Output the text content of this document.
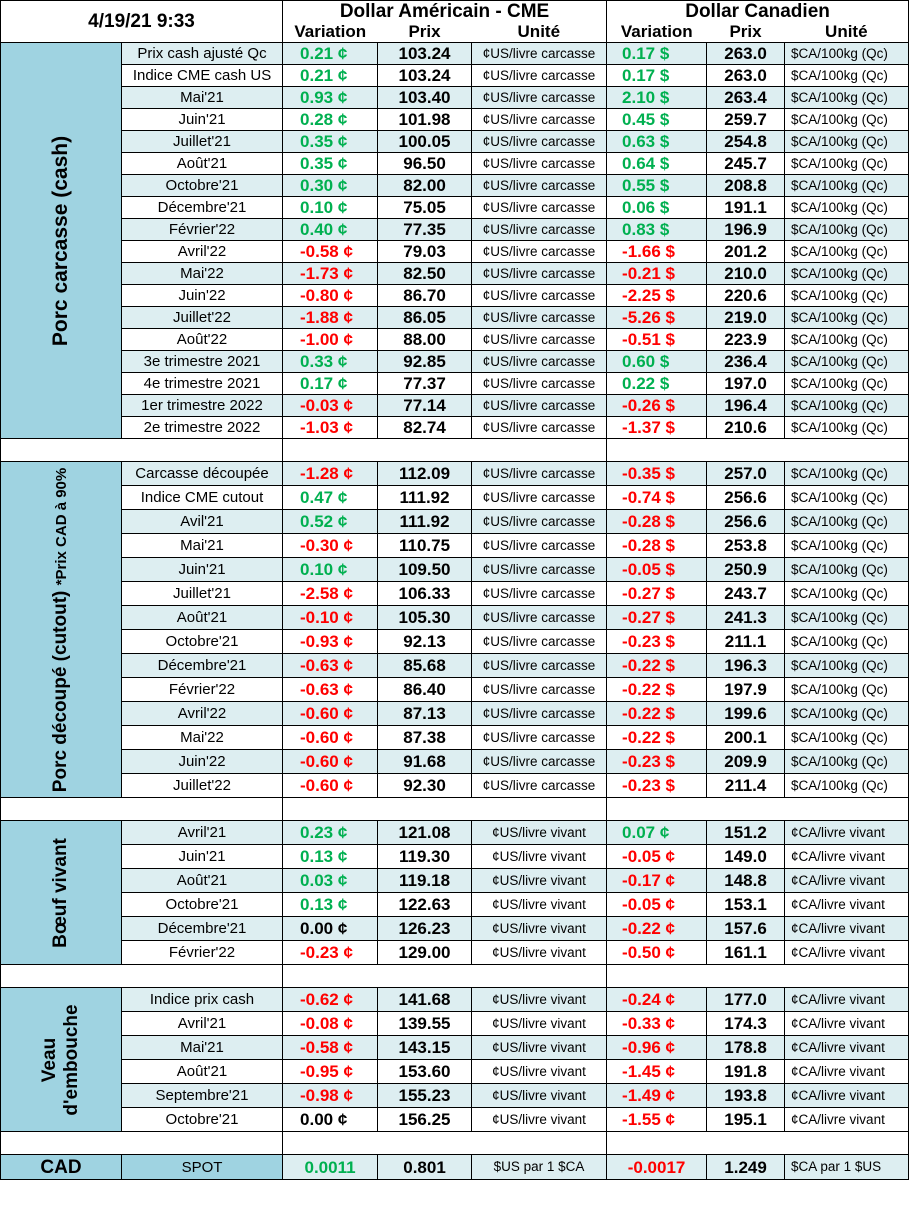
4/19/21 9:33		Dollar Américain - CME			Dollar Canadien		
		Variation	Prix	Unité	Variation	Prix	Unité

Porc carcasse (cash)	Prix cash ajusté Qc	0.21 ¢	103.24	¢US/livre carcasse	0.17 $	263.0	$CA/100kg (Qc)
	Indice CME cash US	0.21 ¢	103.24	¢US/livre carcasse	0.17 $	263.0	$CA/100kg (Qc)
	Mai'21	0.93 ¢	103.40	¢US/livre carcasse	2.10 $	263.4	$CA/100kg (Qc)
	Juin'21	0.28 ¢	101.98	¢US/livre carcasse	0.45 $	259.7	$CA/100kg (Qc)
	Juillet'21	0.35 ¢	100.05	¢US/livre carcasse	0.63 $	254.8	$CA/100kg (Qc)
	Août'21	0.35 ¢	96.50	¢US/livre carcasse	0.64 $	245.7	$CA/100kg (Qc)
	Octobre'21	0.30 ¢	82.00	¢US/livre carcasse	0.55 $	208.8	$CA/100kg (Qc)
	Décembre'21	0.10 ¢	75.05	¢US/livre carcasse	0.06 $	191.1	$CA/100kg (Qc)
	Février'22	0.40 ¢	77.35	¢US/livre carcasse	0.83 $	196.9	$CA/100kg (Qc)
	Avril'22	-0.58 ¢	79.03	¢US/livre carcasse	-1.66 $	201.2	$CA/100kg (Qc)
	Mai'22	-1.73 ¢	82.50	¢US/livre carcasse	-0.21 $	210.0	$CA/100kg (Qc)
	Juin'22	-0.80 ¢	86.70	¢US/livre carcasse	-2.25 $	220.6	$CA/100kg (Qc)
	Juillet'22	-1.88 ¢	86.05	¢US/livre carcasse	-5.26 $	219.0	$CA/100kg (Qc)
	Août'22	-1.00 ¢	88.00	¢US/livre carcasse	-0.51 $	223.9	$CA/100kg (Qc)
	3e trimestre 2021	0.33 ¢	92.85	¢US/livre carcasse	0.60 $	236.4	$CA/100kg (Qc)
	4e trimestre 2021	0.17 ¢	77.37	¢US/livre carcasse	0.22 $	197.0	$CA/100kg (Qc)
	1er trimestre 2022	-0.03 ¢	77.14	¢US/livre carcasse	-0.26 $	196.4	$CA/100kg (Qc)
	2e trimestre 2022	-1.03 ¢	82.74	¢US/livre carcasse	-1.37 $	210.6	$CA/100kg (Qc)

Porc découpé (cutout) *Prix CAD à 90%	Carcasse découpée	-1.28 ¢	112.09	¢US/livre carcasse	-0.35 $	257.0	$CA/100kg (Qc)
	Indice CME cutout	0.47 ¢	111.92	¢US/livre carcasse	-0.74 $	256.6	$CA/100kg (Qc)
	Avil'21	0.52 ¢	111.92	¢US/livre carcasse	-0.28 $	256.6	$CA/100kg (Qc)
	Mai'21	-0.30 ¢	110.75	¢US/livre carcasse	-0.28 $	253.8	$CA/100kg (Qc)
	Juin'21	0.10 ¢	109.50	¢US/livre carcasse	-0.05 $	250.9	$CA/100kg (Qc)
	Juillet'21	-2.58 ¢	106.33	¢US/livre carcasse	-0.27 $	243.7	$CA/100kg (Qc)
	Août'21	-0.10 ¢	105.30	¢US/livre carcasse	-0.27 $	241.3	$CA/100kg (Qc)
	Octobre'21	-0.93 ¢	92.13	¢US/livre carcasse	-0.23 $	211.1	$CA/100kg (Qc)
	Décembre'21	-0.63 ¢	85.68	¢US/livre carcasse	-0.22 $	196.3	$CA/100kg (Qc)
	Février'22	-0.63 ¢	86.40	¢US/livre carcasse	-0.22 $	197.9	$CA/100kg (Qc)
	Avril'22	-0.60 ¢	87.13	¢US/livre carcasse	-0.22 $	199.6	$CA/100kg (Qc)
	Mai'22	-0.60 ¢	87.38	¢US/livre carcasse	-0.22 $	200.1	$CA/100kg (Qc)
	Juin'22	-0.60 ¢	91.68	¢US/livre carcasse	-0.23 $	209.9	$CA/100kg (Qc)
	Juillet'22	-0.60 ¢	92.30	¢US/livre carcasse	-0.23 $	211.4	$CA/100kg (Qc)

Bœuf vivant	Avril'21	0.23 ¢	121.08	¢US/livre vivant	0.07 ¢	151.2	¢CA/livre vivant
	Juin'21	0.13 ¢	119.30	¢US/livre vivant	-0.05 ¢	149.0	¢CA/livre vivant
	Août'21	0.03 ¢	119.18	¢US/livre vivant	-0.17 ¢	148.8	¢CA/livre vivant
	Octobre'21	0.13 ¢	122.63	¢US/livre vivant	-0.05 ¢	153.1	¢CA/livre vivant
	Décembre'21	0.00 ¢	126.23	¢US/livre vivant	-0.22 ¢	157.6	¢CA/livre vivant
	Février'22	-0.23 ¢	129.00	¢US/livre vivant	-0.50 ¢	161.1	¢CA/livre vivant

Veau d'embouche	Indice prix cash	-0.62 ¢	141.68	¢US/livre vivant	-0.24 ¢	177.0	¢CA/livre vivant
	Avril'21	-0.08 ¢	139.55	¢US/livre vivant	-0.33 ¢	174.3	¢CA/livre vivant
	Mai'21	-0.58 ¢	143.15	¢US/livre vivant	-0.96 ¢	178.8	¢CA/livre vivant
	Août'21	-0.95 ¢	153.60	¢US/livre vivant	-1.45 ¢	191.8	¢CA/livre vivant
	Septembre'21	-0.98 ¢	155.23	¢US/livre vivant	-1.49 ¢	193.8	¢CA/livre vivant
	Octobre'21	0.00 ¢	156.25	¢US/livre vivant	-1.55 ¢	195.1	¢CA/livre vivant

CAD	SPOT	0.0011	0.801	$US par 1 $CA	-0.0017	1.249	$CA par 1 $US
